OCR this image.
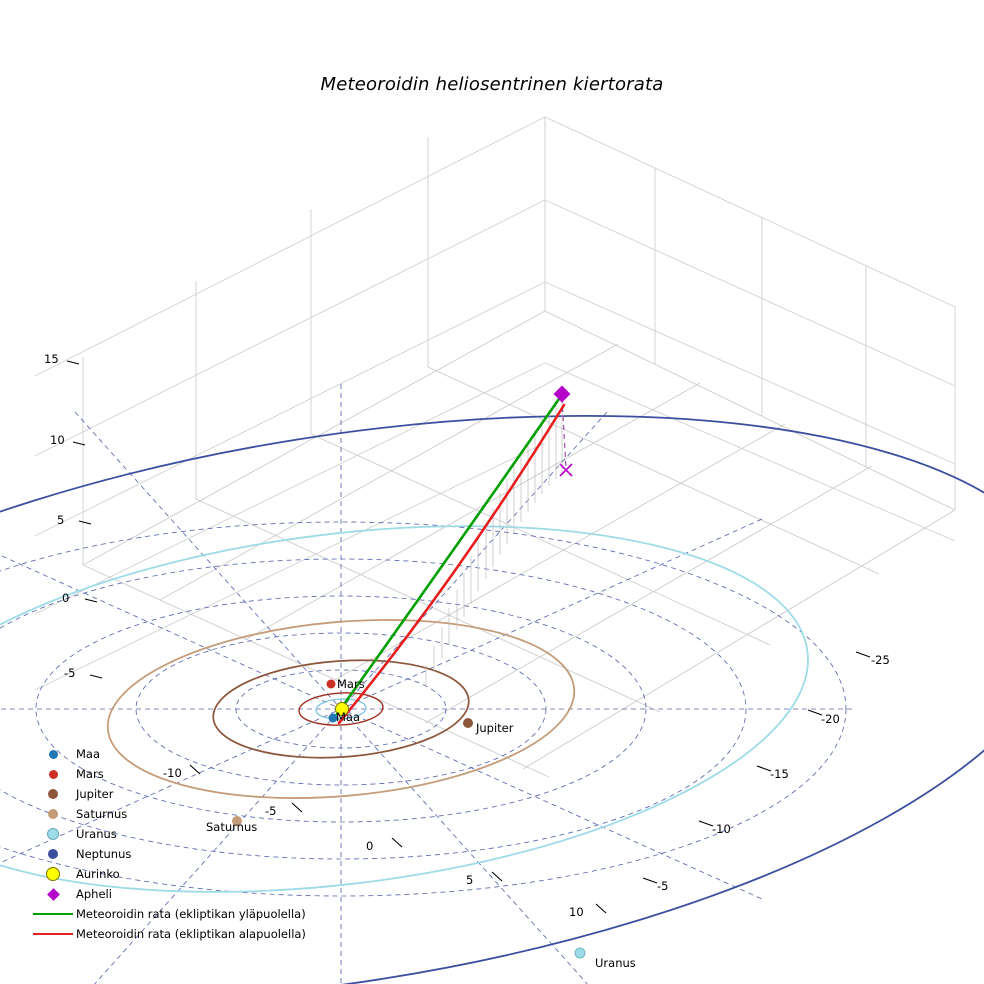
Meteoroidin heliosentrinen kiertorata
15
10
5
0
-5
-10
-5
0
5
10
-25
-20
-15
-10
-5
Mars
Maa
Jupiter
Saturnus
Uranus
Maa
Mars
Jupiter
Saturnus
Uranus
Neptunus
Aurinko
Apheli
Meteoroidin rata (ekliptikan yläpuolella)
Meteoroidin rata (ekliptikan alapuolella)
